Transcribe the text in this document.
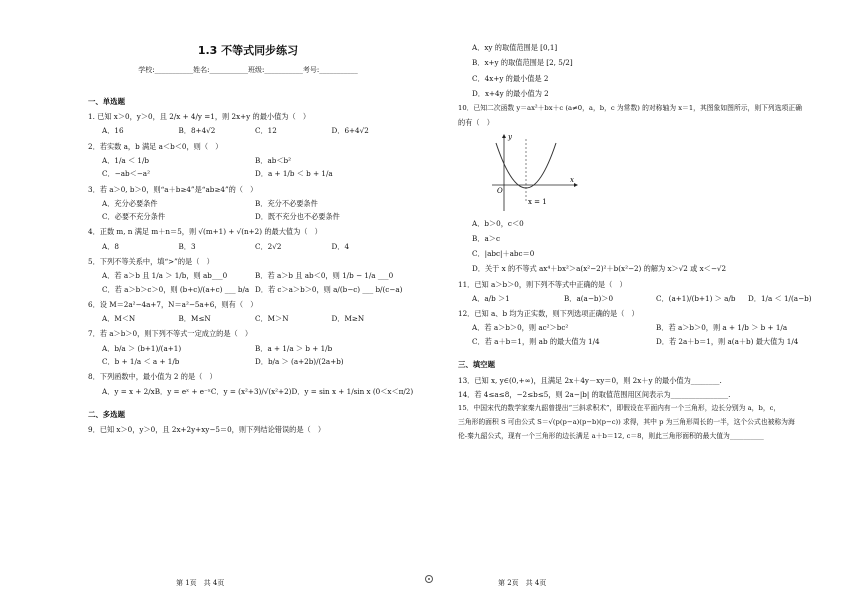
1.3 不等式同步练习
学校:___________姓名:___________班级:___________考号:___________
一、单选题
1. 已知 x＞0，y＞0，且 2/x + 4/y =1，则 2x+y 的最小值为（　）
A．16	B．8+4√2	C．12	D．6+4√2
2．若实数 a，b 满足 a＜b＜0，则（　）
A．1/a ＜ 1/b	B．ab＜b²
C．−ab＜−a²	D．a + 1/b ＜ b + 1/a
3．若 a＞0, b＞0，则“a＋b≥4”是“ab≥4”的（　）
A．充分必要条件	B．充分不必要条件
C．必要不充分条件	D．既不充分也不必要条件
4．正数 m, n 满足 m＋n＝5，则 √(m+1) + √(n+2) 的最大值为（　）
A．8	B．3	C．2√2	D．4
5．下列不等关系中，填“>”的是（　）
A．若 a＞b 且 1/a ＞ 1/b，则 ab___0	B．若 a＞b 且 ab＜0，则 1/b − 1/a ___0
C．若 a＞b＞c＞0，则 (b+c)/(a+c) ___ b/a D．若 c＞a＞b＞0，则 a/(b−c) ___ b/(c−a)
6．设 M＝2a²−4a+7，N＝a²−5a+6，则有（　）
A．M＜N	B．M≤N	C．M＞N	D．M≥N
7．若 a＞b＞0，则下列不等式一定成立的是（　）
A．b/a ＞ (b+1)/(a+1)	B．a + 1/a ＞ b + 1/b
C．b + 1/a ＜ a + 1/b	D．b/a ＞ (a+2b)/(2a+b)
8．下列函数中，最小值为 2 的是（　）
A．y = x + 2/x B．y = eˣ + e⁻ˣ C．y = (x²+3)/√(x²+2) D．y = sin x + 1/sin x (0＜x＜π/2)
二、多选题
9．已知 x＞0，y＞0，且 2x+2y+xy−5＝0，则下列结论错误的是（　）
A．xy 的取值范围是 [0,1]
B．x+y 的取值范围是 [2, 5/2]
C．4x+y 的最小值是 2
D．x+4y 的最小值为 2
10．已知二次函数 y＝ax²＋bx＋c (a≠0，a，b，c 为常数) 的对称轴为 x＝1，其图象如图所示，则下列选项正确
的有（　）
y
x
O
x = 1
A．b＞0，c＜0
B．a＞c
C．|abc|＋abc＝0
D．关于 x 的不等式 ax⁴＋bx²＞a(x²−2)²＋b(x²−2) 的解为 x＞√2 或 x＜−√2
11．已知 a＞b＞0，则下列不等式中正确的是（　）
A．a/b ＞1	B．a(a−b)＞0	C．(a+1)/(b+1) ＞ a/b	D．1/a ＜ 1/(a−b)
12．已知 a、b 均为正实数，则下列选项正确的是（　）
A．若 a＞b＞0，则 ac²＞bc²	B．若 a＞b＞0，则 a + 1/b ＞ b + 1/a
C．若 a＋b＝1，则 ab 的最大值为 1/4	D．若 2a＋b＝1，则 a(a＋b) 最大值为 1/4
三、填空题
13．已知 x, y∈(0,+∞)，且满足 2x＋4y－xy＝0，则 2x＋y 的最小值为________.
14．若 4≤a≤8，−2≤b≤5，则 2a−|b| 的取值范围用区间表示为________________.
15．中国宋代的数学家秦九韶曾提出“三斜求积术”，即假设在平面内有一个三角形，边长分别为 a，b，c，
三角形的面积 S 可由公式 S＝√(p(p−a)(p−b)(p−c)) 求得，其中 p 为三角形周长的一半，这个公式也被称为海
伦-秦九韶公式，现有一个三角形的边长满足 a＋b＝12, c＝8，则此三角形面积的最大值为__________
第 1页　共 4页	第 2页　共 4页
